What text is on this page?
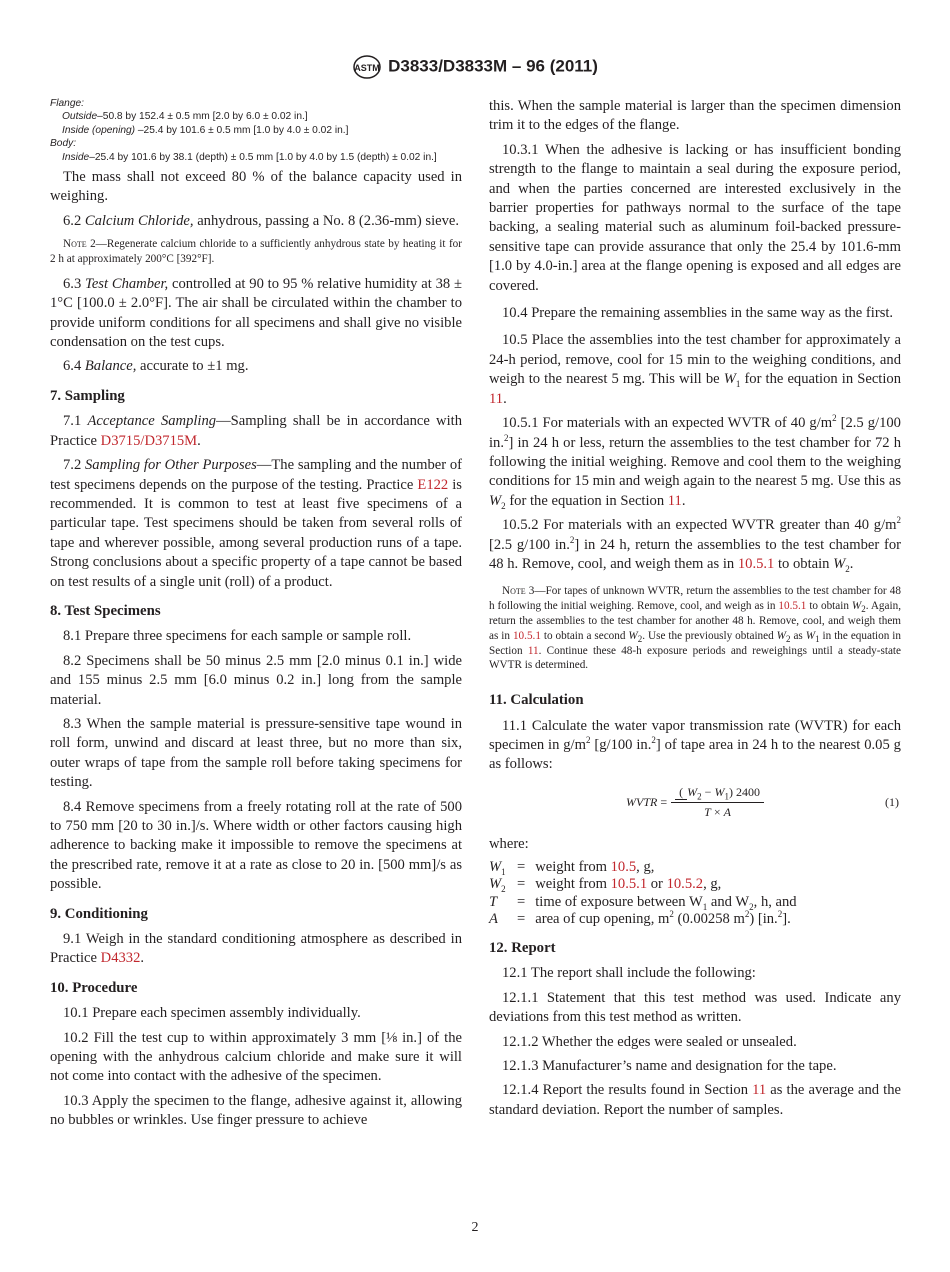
ASTM D3833/D3833M – 96 (2011)
Flange:
Outside–50.8 by 152.4 ± 0.5 mm [2.0 by 6.0 ± 0.02 in.]
Inside (opening) –25.4 by 101.6 ± 0.5 mm [1.0 by 4.0 ± 0.02 in.]
Body:
Inside–25.4 by 101.6 by 38.1 (depth) ± 0.5 mm [1.0 by 4.0 by 1.5 (depth) ± 0.02 in.]

The mass shall not exceed 80 % of the balance capacity used in weighing.

6.2 Calcium Chloride, anhydrous, passing a No. 8 (2.36-mm) sieve.

Note 2—Regenerate calcium chloride to a sufficiently anhydrous state by heating it for 2 h at approximately 200°C [392°F].

6.3 Test Chamber, controlled at 90 to 95 % relative humidity at 38 ± 1°C [100.0 ± 2.0°F]. The air shall be circulated within the chamber to provide uniform conditions for all specimens and shall give no visible condensation on the test cups.

6.4 Balance, accurate to ±1 mg.

7. Sampling

7.1 Acceptance Sampling—Sampling shall be in accordance with Practice D3715/D3715M.

7.2 Sampling for Other Purposes—The sampling and the number of test specimens depends on the purpose of the testing. Practice E122 is recommended. It is common to test at least five specimens of a particular tape. Test specimens should be taken from several rolls of tape and wherever possible, among several production runs of a tape. Strong conclusions about a specific property of a tape cannot be based on test results of a single unit (roll) of a product.

8. Test Specimens

8.1 Prepare three specimens for each sample or sample roll.

8.2 Specimens shall be 50 minus 2.5 mm [2.0 minus 0.1 in.] wide and 155 minus 2.5 mm [6.0 minus 0.2 in.] long from the sample material.

8.3 When the sample material is pressure-sensitive tape wound in roll form, unwind and discard at least three, but no more than six, outer wraps of tape from the sample roll before taking specimens for testing.

8.4 Remove specimens from a freely rotating roll at the rate of 500 to 750 mm [20 to 30 in.]/s. Where width or other factors causing high adherence to backing make it impossible to remove the specimens at the prescribed rate, remove it at a rate as close to 20 in. [500 mm]/s as possible.

9. Conditioning

9.1 Weigh in the standard conditioning atmosphere as described in Practice D4332.

10. Procedure

10.1 Prepare each specimen assembly individually.

10.2 Fill the test cup to within approximately 3 mm [⅛ in.] of the opening with the anhydrous calcium chloride and make sure it will not come into contact with the adhesive of the specimen.

10.3 Apply the specimen to the flange, adhesive against it, allowing no bubbles or wrinkles. Use finger pressure to achieve

this. When the sample material is larger than the specimen dimension trim it to the edges of the flange.

10.3.1 When the adhesive is lacking or has insufficient bonding strength to the flange to maintain a seal during the exposure period, and when the parties concerned are interested exclusively in the barrier properties for pathways normal to the surface of the tape backing, a sealing material such as aluminum foil-backed pressure-sensitive tape can provide assurance that only the 25.4 by 101.6-mm [1.0 by 4.0-in.] area at the flange opening is exposed and all edges are covered.

10.4 Prepare the remaining assemblies in the same way as the first.

10.5 Place the assemblies into the test chamber for approximately a 24-h period, remove, cool for 15 min to the weighing conditions, and weigh to the nearest 5 mg. This will be $W_1$ for the equation in Section 11.

10.5.1 For materials with an expected WVTR of 40 $g/m^2$ [2.5 g/100 in.$^2$] in 24 h or less, return the assemblies to the test chamber for 72 h following the initial weighing. Remove and cool them to the weighing conditions for 15 min and weigh again to the nearest 5 mg. Use this as $W_2$ for the equation in Section 11.

10.5.2 For materials with an expected WVTR greater than 40 $g/m^2$ [2.5 g/100 in.$^2$] in 24 h, return the assemblies to the test chamber for 48 h. Remove, cool, and weigh them as in 10.5.1 to obtain $W_2$.

Note 3—For tapes of unknown WVTR, return the assemblies to the test chamber for 48 h following the initial weighing. Remove, cool, and weigh as in 10.5.1 to obtain $W_2$. Again, return the assemblies to the test chamber for another 48 h. Remove, cool, and weigh them as in 10.5.1 to obtain a second $W_2$. Use the previously obtained $W_2$ as $W_1$ in the equation in Section 11. Continue these 48-h exposure periods and reweighings until a steady-state WVTR is determined.

11. Calculation

11.1 Calculate the water vapor transmission rate (WVTR) for each specimen in $g/m^2$ [g/100 in.$^2$] of tape area in 24 h to the nearest 0.05 g as follows:

WVTR = $\frac{( W_2 - W_1) 2400}{T \times A}$	(1)

where:

$W_1$	=	weight from 10.5, g,
$W_2$	=	weight from 10.5.1 or 10.5.2, g,
T	=	time of exposure between $W_1$ and $W_2$, h, and
A	=	area of cup opening, $m^2$ (0.00258 $m^2$) [in.$^2$].
12. Report

12.1 The report shall include the following:

12.1.1 Statement that this test method was used. Indicate any deviations from this test method as written.

12.1.2 Whether the edges were sealed or unsealed.

12.1.3 Manufacturer’s name and designation for the tape.

12.1.4 Report the results found in Section 11 as the average and the standard deviation. Report the number of samples.

2
